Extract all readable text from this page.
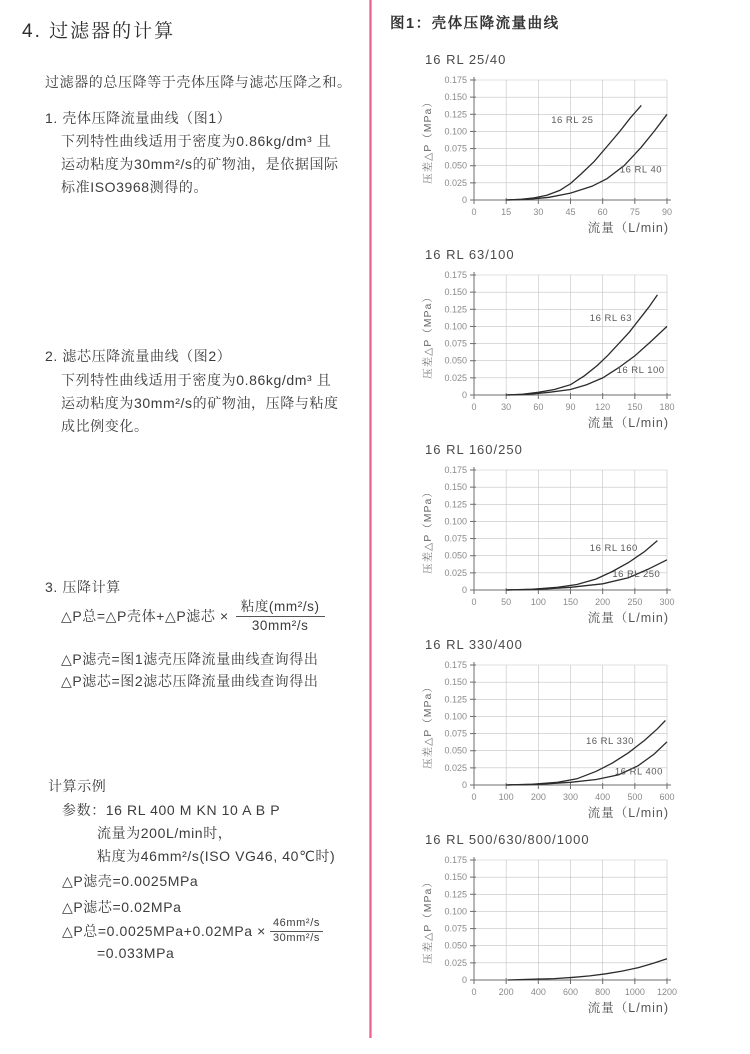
4. 过滤器的计算
过滤器的总压降等于壳体压降与滤芯压降之和。
1. 壳体压降流量曲线（图1）
下列特性曲线适用于密度为0.86kg/dm³ 且
运动粘度为30mm²/s的矿物油，是依据国际
标准ISO3968测得的。
2. 滤芯压降流量曲线（图2）
下列特性曲线适用于密度为0.86kg/dm³ 且
运动粘度为30mm²/s的矿物油，压降与粘度
成比例变化。
3. 压降计算
△P总=△P壳体+△P滤芯 × $\frac{\text{粘度(mm²/s)}}{\text{30mm²/s}}$
△P滤壳=图1滤壳压降流量曲线查询得出
△P滤芯=图2滤芯压降流量曲线查询得出
计算示例
参数：16 RL 400 M KN 10 A B P
流量为200L/min时，
粘度为46mm²/s(ISO VG46, 40℃时)
△P滤壳=0.0025MPa
△P滤芯=0.02MPa
△P总$=0.0025MPa+0.02MPa \times \frac{\text{46mm²/s}}{\text{30mm²/s}}$
=0.033MPa
图1：壳体压降流量曲线
16 RL 25/40
0
0.025
0.050
0.075
0.100
0.125
0.150
0.175
0	15 30 45 60 75 90
压差△P（MPa）
流量（L/min)
16 RL 25
16 RL 40
16 RL 63/100
0
0.025
0.050
0.075
0.100
0.125
0.150
0.175
0	30 60 90 120 150 180
压差△P（MPa）
流量（L/min)
16 RL 63
16 RL 100
16 RL 160/250
0
0.025
0.050
0.075
0.100
0.125
0.150
0.175
0	50 100 150 200 250 300
压差△P（MPa）
流量（L/min)
16 RL 160
16 RL 250
16 RL 330/400
0
0.025
0.050
0.075
0.100
0.125
0.150
0.175
0 100 200 300 400 500 600
压差△P（MPa）
流量（L/min)
16 RL 330
16 RL 400
16 RL 500/630/800/1000
0
0.025
0.050
0.075
0.100
0.125
0.150
0.175
0 200 400 600 800 1000 1200
压差△P（MPa）
流量（L/min)
